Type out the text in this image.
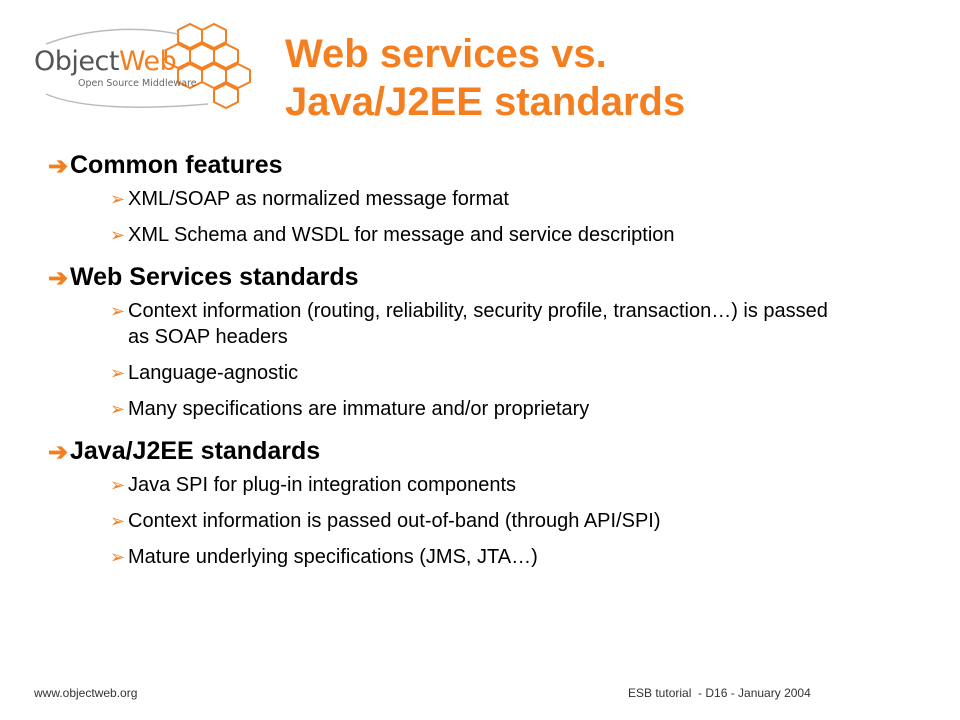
ObjectWeb
Open Source Middleware
Web services vs.
Java/J2EE standards
➔ Common features
➢ XML/SOAP as normalized message format
➢ XML Schema and WSDL for message and service description
➔ Web Services standards
➢ Context information (routing, reliability, security profile, transaction…) is passed as SOAP headers
➢ Language-agnostic
➢ Many specifications are immature and/or proprietary
➔ Java/J2EE standards
➢ Java SPI for plug-in integration components
➢ Context information is passed out-of-band (through API/SPI)
➢ Mature underlying specifications (JMS, JTA…)
www.objectweb.org	ESB tutorial  - D16 - January 2004
